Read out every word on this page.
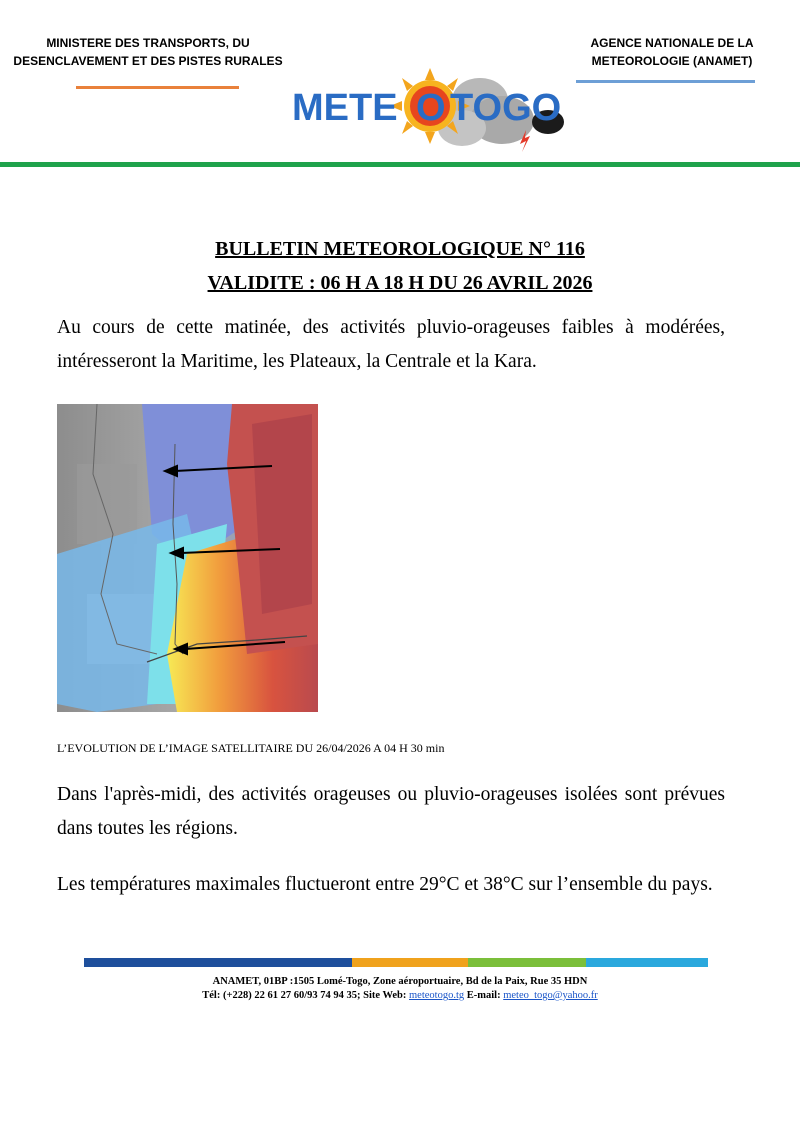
MINISTERE DES TRANSPORTS, DU
DESENCLAVEMENT ET DES PISTES RURALES
AGENCE NATIONALE DE LA
METEOROLOGIE (ANAMET)
METE O TOGO
BULLETIN METEOROLOGIQUE N° 116
VALIDITE : 06 H A 18 H DU 26 AVRIL 2026
Au cours de cette matinée, des activités pluvio-orageuses faibles à modérées, intéresseront la Maritime, les Plateaux, la Centrale et la Kara.
L’EVOLUTION DE L’IMAGE SATELLITAIRE DU 26/04/2026 A 04 H 30 min
Dans l'après-midi, des activités orageuses ou pluvio-orageuses isolées sont prévues dans toutes les régions.
Les températures maximales fluctueront entre 29°C et 38°C sur l’ensemble du pays.
ANAMET, 01BP :1505 Lomé-Togo, Zone aéroportuaire, Bd de la Paix, Rue 35 HDN
Tél: (+228) 22 61 27 60/93 74 94 35; Site Web: meteotogo.tg E-mail: meteo_togo@yahoo.fr
